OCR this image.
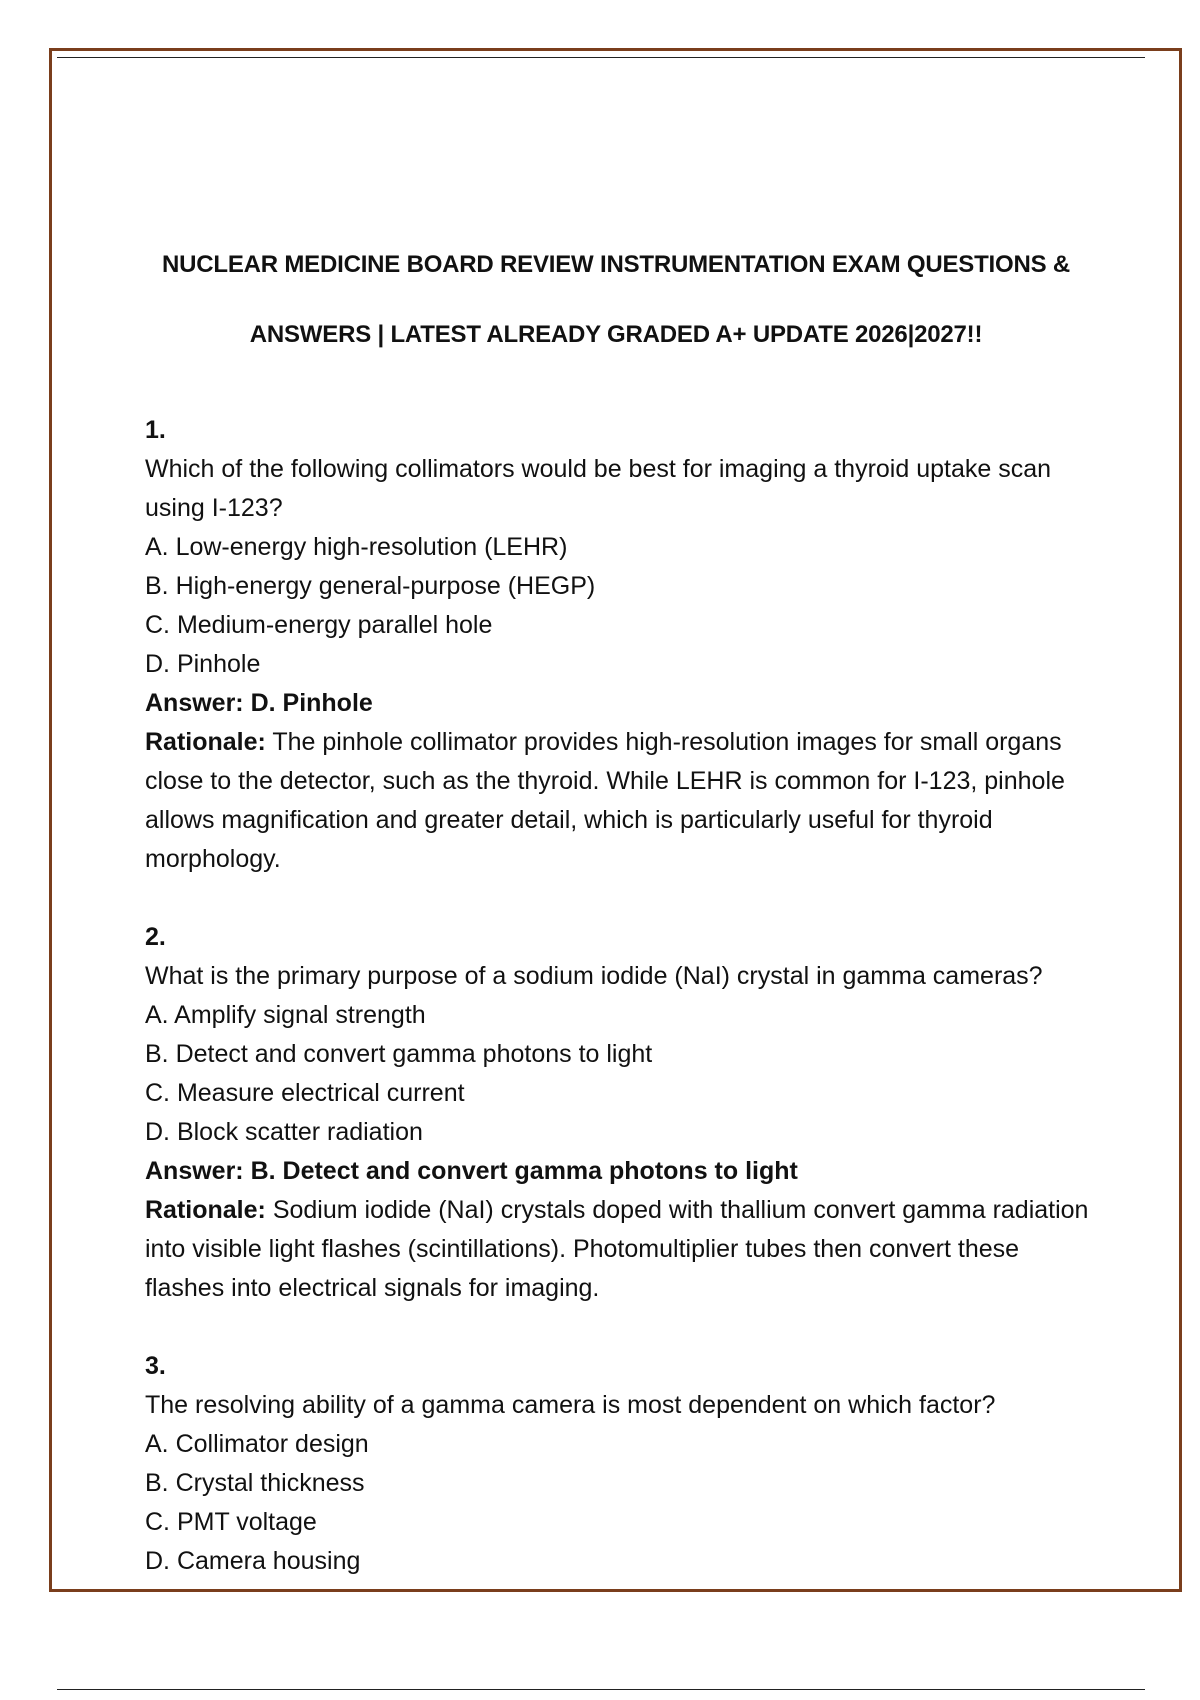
NUCLEAR MEDICINE BOARD REVIEW INSTRUMENTATION EXAM QUESTIONS &
ANSWERS | LATEST ALREADY GRADED A+ UPDATE 2026|2027!!
1.
Which of the following collimators would be best for imaging a thyroid uptake scan using I-123?
A. Low-energy high-resolution (LEHR)
B. High-energy general-purpose (HEGP)
C. Medium-energy parallel hole
D. Pinhole
Answer: D. Pinhole
Rationale: The pinhole collimator provides high-resolution images for small organs close to the detector, such as the thyroid. While LEHR is common for I-123, pinhole allows magnification and greater detail, which is particularly useful for thyroid morphology.
2.
What is the primary purpose of a sodium iodide (NaI) crystal in gamma cameras?
A. Amplify signal strength
B. Detect and convert gamma photons to light
C. Measure electrical current
D. Block scatter radiation
Answer: B. Detect and convert gamma photons to light
Rationale: Sodium iodide (NaI) crystals doped with thallium convert gamma radiation into visible light flashes (scintillations). Photomultiplier tubes then convert these flashes into electrical signals for imaging.
3.
The resolving ability of a gamma camera is most dependent on which factor?
A. Collimator design
B. Crystal thickness
C. PMT voltage
D. Camera housing
